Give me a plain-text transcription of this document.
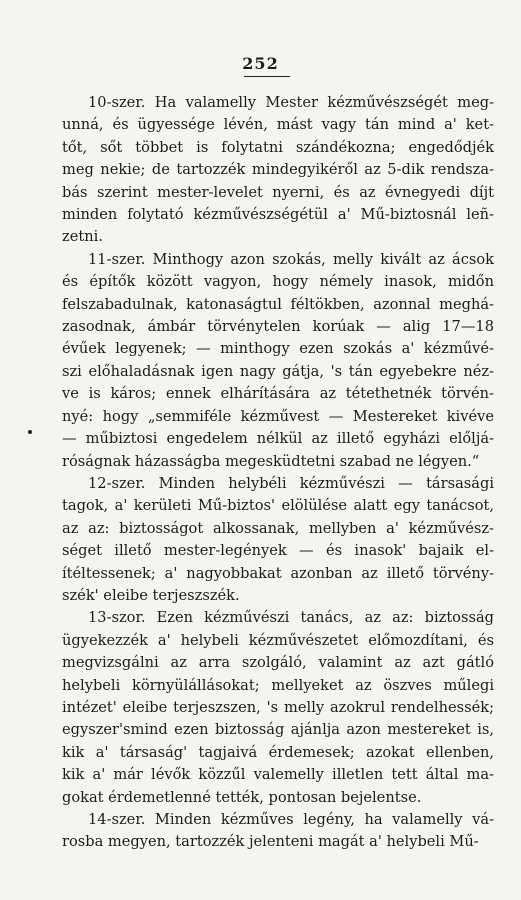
252

10-szer. Ha valamelly Mester kézművészségét meg-
unná, és ügyessége lévén, mást vagy tán mind a' ket-
tőt, sőt többet is folytatni szándékozna; engedődjék
meg nekie; de tartozzék mindegyikéről az 5-dik rendsza-
bás szerint mester-levelet nyerni, és az évnegyedi díjt
minden folytató kézművészségétül a' Mű-biztosnál leñ-
zetni.

11-szer. Minthogy azon szokás, melly kivált az ácsok
és építők között vagyon, hogy némely inasok, midőn
felszabadulnak, katonaságtul féltökben, azonnal meghá-
zasodnak, ámbár törvénytelen korúak — alig 17—18
évűek legyenek; — minthogy ezen szokás a' kézművé-
szi előhaladásnak igen nagy gátja, 's tán egyebekre néz-
ve is káros; ennek elhárítására az tétethetnék törvén-
nyé: hogy „semmiféle kézművest — Mestereket kivéve
— műbiztosi engedelem nélkül az illető egyházi előljá-
róságnak házasságba megesküdtetni szabad ne légyen.“

12-szer. Minden helybéli kézművészi — társasági
tagok, a' kerületi Mű-biztos' elölülése alatt egy tanácsot,
az az: biztosságot alkossanak, mellyben a' kézművész-
séget illető mester-legények — és inasok' bajaik el-
ítéltessenek; a' nagyobbakat azonban az illető törvény-
szék' eleibe terjeszszék.

13-szor. Ezen kézművészi tanács, az az: biztosság
ügyekezzék a' helybeli kézművészetet előmozdítani, és
megvizsgálni az arra szolgáló, valamint az azt gátló
helybeli környülállásokat; mellyeket az öszves műlegi
intézet' eleibe terjeszszen, 's melly azokrul rendelhessék;
egyszer'smind ezen biztosság ajánlja azon mestereket is,
kik a' társaság' tagjaivá érdemesek; azokat ellenben,
kik a' már lévők közzűl valemelly illetlen tett által ma-
gokat érdemetlenné tették, pontosan bejelentse.

14-szer. Minden kézműves legény, ha valamelly vá-
rosba megyen, tartozzék jelenteni magát a' helybeli Mű-
